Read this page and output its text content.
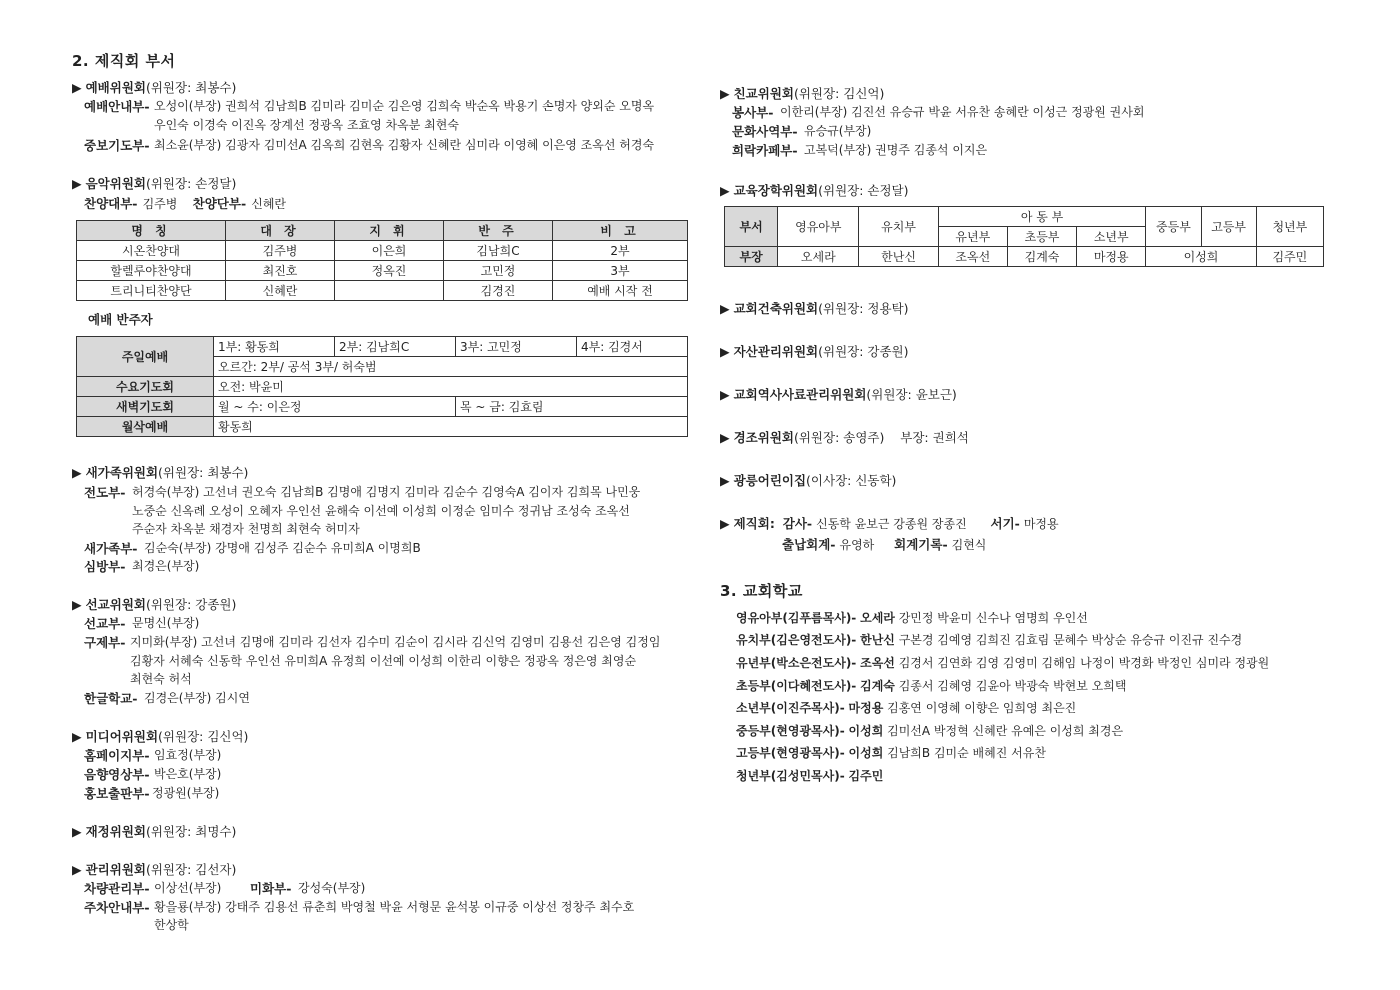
2. 제직회 부서
▶ 예배위원회(위원장: 최봉수)
예배안내부- 오성이(부장) 권희석 김남희B 김미라 김미순 김은영 김희숙 박순옥 박용기 손명자 양외순 오명옥
우인숙 이경숙 이진옥 장계선 정광옥 조효영 차옥분 최현숙
중보기도부- 최소윤(부장) 김광자 김미선A 김옥희 김현옥 김황자 신혜란 심미라 이영혜 이은영 조옥선 허경숙
▶ 음악위원회(위원장: 손정달)
찬양대부- 김주병 찬양단부- 신혜란
명 칭	대 장	지 휘	반 주	비 고
시온찬양대	김주병	이은희	김남희C	2부
할렐루야찬양대	최진호	정옥진	고민정	3부
트리니티찬양단	신혜란		김경진	예배 시작 전
예배 반주자
주일예배	1부: 황동희	2부: 김남희C	3부: 고민정	4부: 김경서
	오르간: 2부/ 공석 3부/ 허숙범			
수요기도회	오전: 박윤미			
새벽기도회	월 ~ 수: 이은정		목 ~ 금: 김효림	
월삭예배	황동희			
▶ 새가족위원회(위원장: 최봉수)
전도부- 허경숙(부장) 고선녀 권오숙 김남희B 김명애 김명지 김미라 김순수 김영숙A 김이자 김희목 나민웅
노중순 신옥례 오성이 오혜자 우인선 윤해숙 이선예 이성희 이정순 임미수 정귀남 조성숙 조옥선
주순자 차옥분 채경자 천명희 최현숙 허미자
새가족부- 김순숙(부장) 강명애 김성주 김순수 유미희A 이명희B
심방부- 최경은(부장)
▶ 선교위원회(위원장: 강종원)
선교부- 문명신(부장)
구제부- 지미화(부장) 고선녀 김명애 김미라 김선자 김수미 김순이 김시라 김신억 김영미 김용선 김은영 김정임
김황자 서혜숙 신동학 우인선 유미희A 유정희 이선예 이성희 이한리 이향은 정광옥 정은영 최영순
최현숙 허석
한글학교- 김경은(부장) 김시연
▶ 미디어위원회(위원장: 김신억)
홈페이지부- 임효정(부장)
음향영상부- 박은호(부장)
홍보출판부- 정광원(부장)
▶ 재정위원회(위원장: 최명수)
▶ 관리위원회(위원장: 김선자)
차량관리부- 이상선(부장) 미화부- 강성숙(부장)
주차안내부- 황을룡(부장) 강태주 김용선 류춘희 박영철 박윤 서형문 윤석봉 이규중 이상선 정창주 최수호
한상학
▶ 친교위원회(위원장: 김신억)
봉사부- 이한리(부장) 김진선 유승규 박윤 서유찬 송혜란 이성근 정광원 권사회
문화사역부- 유승규(부장)
희락카페부- 고복덕(부장) 권명주 김종석 이지은
▶ 교육장학위원회(위원장: 손정달)
부서	영유아부	유치부	아 동 부			중등부	고등부	청년부
			유년부	초등부	소년부			
부장	오세라	한난신	조옥선	김계숙	마정용	이성희		김주민
▶ 교회건축위원회(위원장: 정용탁)
▶ 자산관리위원회(위원장: 강종원)
▶ 교회역사사료관리위원회(위원장: 윤보근)
▶ 경조위원회(위원장: 송영주) 부장: 권희석
▶ 광릉어린이집(이사장: 신동학)
▶ 제직회: 감사- 신동학 윤보근 강종원 장종진 서기- 마정용
출납회계- 유영하 회계기록- 김현식
3. 교회학교
영유아부(김푸름목사)- 오세라 강민정 박윤미 신수나 염명희 우인선
유치부(김은영전도사)- 한난신 구본경 김예영 김희진 김효림 문혜수 박상순 유승규 이진규 진수경
유년부(박소은전도사)- 조옥선 김경서 김연화 김영 김영미 김해임 나정이 박경화 박정인 심미라 정광원
초등부(이다혜전도사)- 김계숙 김종서 김혜영 김윤아 박광숙 박현보 오희택
소년부(이진주목사)- 마정용 김홍연 이영혜 이향은 임희영 최은진
중등부(현영광목사)- 이성희 김미선A 박정혁 신혜란 유예은 이성희 최경은
고등부(현영광목사)- 이성희 김남희B 김미순 배혜진 서유찬
청년부(김성민목사)- 김주민
